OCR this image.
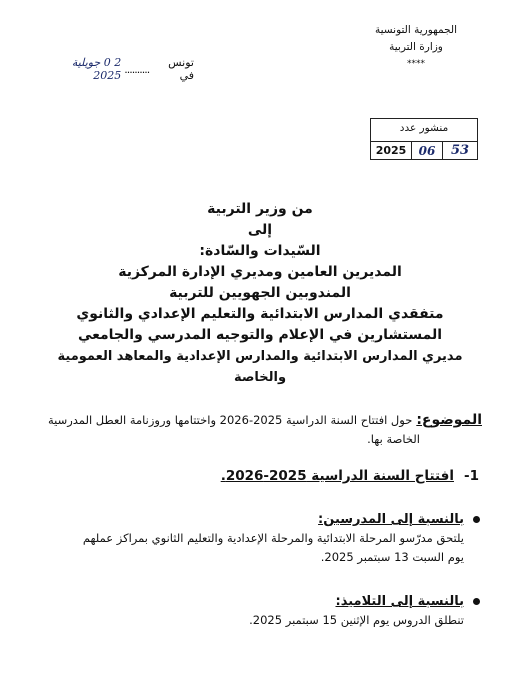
الجمهورية التونسية
وزارة التربية
****
تونس في
..........
2 0 جويلية 2025
منشور عدد
2025	06	53
من وزير التربية
إلى
السّيدات والسّادة:
المديرين العامين ومديري الإدارة المركزية
المندوبين الجهويين للتربية
متفقدي المدارس الابتدائية والتعليم الإعدادي والثانوي
المستشارين في الإعلام والتوجيه المدرسي والجامعي
مديري المدارس الابتدائية والمدارس الإعدادية والمعاهد العمومية والخاصة
الموضوع: حول افتتاح السنة الدراسية 2025-2026 واختتامها وروزنامة العطل المدرسية
الخاصة بها.
1-
افتتاح السنة الدراسية 2025-2026.
بالنسبة إلى المدرسين:
يلتحق مدرّسو المرحلة الابتدائية والمرحلة الإعدادية والتعليم الثانوي بمراكز عملهم
يوم السبت 13 سبتمبر 2025.
بالنسبة إلى التلاميذ:
تنطلق الدروس يوم الإثنين 15 سبتمبر 2025.
